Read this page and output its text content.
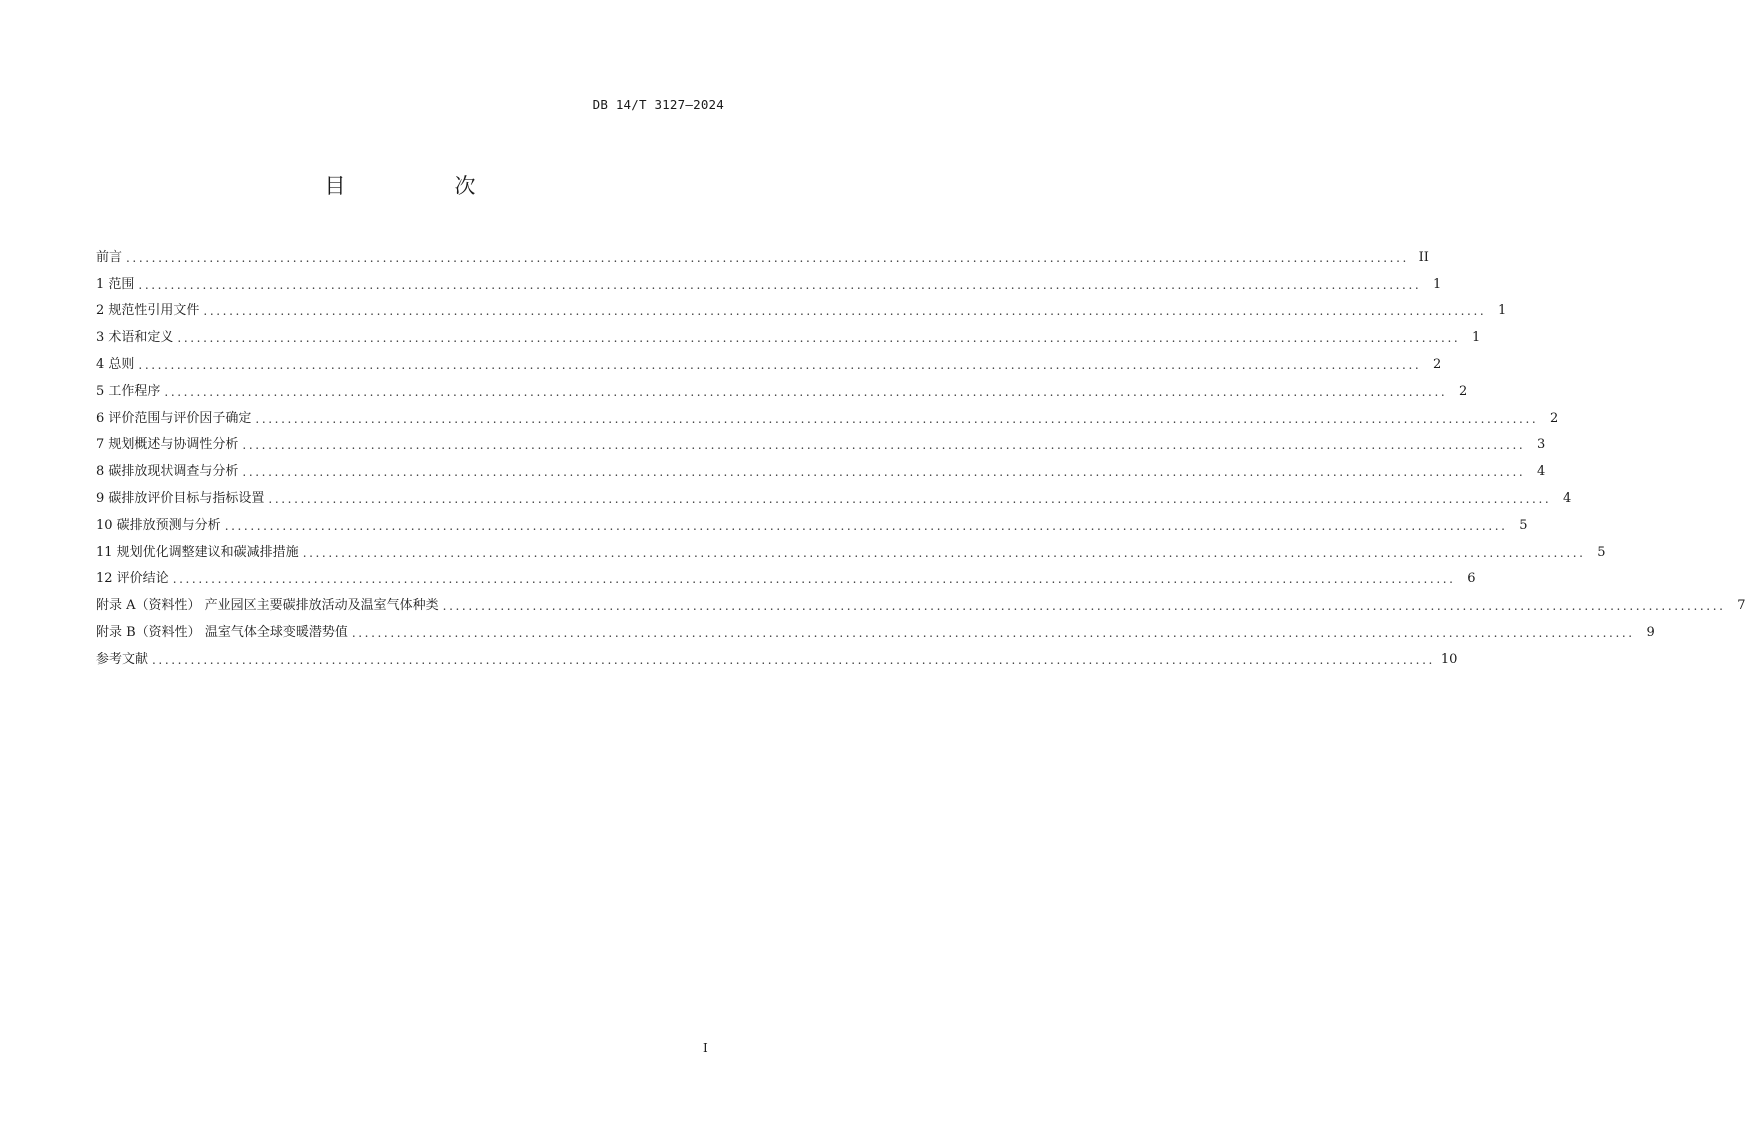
DB 14/T 3127—2024
目　次
前言 ........................................................................................................................................................................................................ II
1 范围 ........................................................................................................................................................................................................ 1
2 规范性引用文件 ........................................................................................................................................................................................................ 1
3 术语和定义 ........................................................................................................................................................................................................ 1
4 总则 ........................................................................................................................................................................................................ 2
5 工作程序 ........................................................................................................................................................................................................ 2
6 评价范围与评价因子确定 ........................................................................................................................................................................................................ 2
7 规划概述与协调性分析 ........................................................................................................................................................................................................ 3
8 碳排放现状调查与分析 ........................................................................................................................................................................................................ 4
9 碳排放评价目标与指标设置 ........................................................................................................................................................................................................ 4
10 碳排放预测与分析 ........................................................................................................................................................................................................ 5
11 规划优化调整建议和碳减排措施 ........................................................................................................................................................................................................ 5
12 评价结论 ........................................................................................................................................................................................................ 6
附录 A（资料性） 产业园区主要碳排放活动及温室气体种类 ........................................................................................................................................................................................................ 7
附录 B（资料性） 温室气体全球变暖潜势值 ........................................................................................................................................................................................................ 9
参考文献 ........................................................................................................................................................................................................ 10
I
